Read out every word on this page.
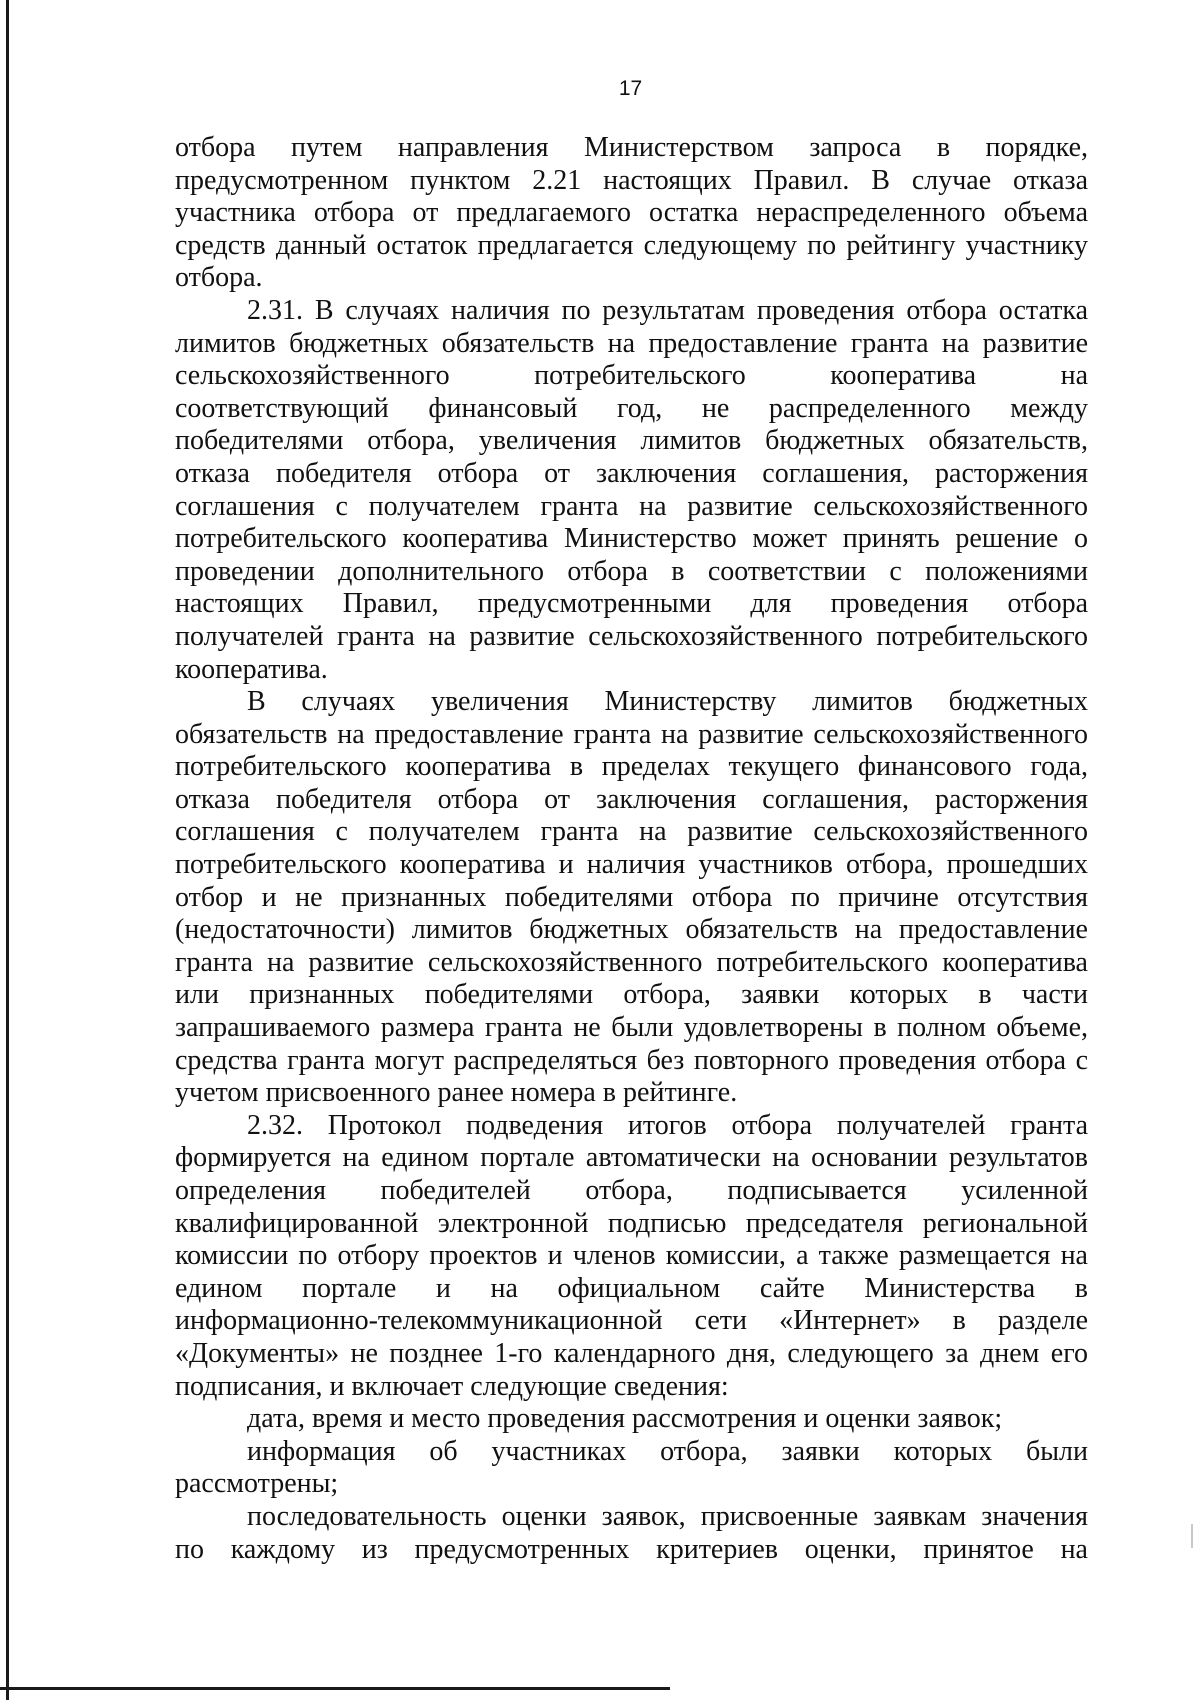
17
отбора путем направления Министерством запроса в порядке,
предусмотренном пунктом 2.21 настоящих Правил. В случае отказа
участника отбора от предлагаемого остатка нераспределенного объема
средств данный остаток предлагается следующему по рейтингу участнику
отбора.
2.31. В случаях наличия по результатам проведения отбора остатка
лимитов бюджетных обязательств на предоставление гранта на развитие
сельскохозяйственного потребительского кооператива на
соответствующий финансовый год, не распределенного между
победителями отбора, увеличения лимитов бюджетных обязательств,
отказа победителя отбора от заключения соглашения, расторжения
соглашения с получателем гранта на развитие сельскохозяйственного
потребительского кооператива Министерство может принять решение о
проведении дополнительного отбора в соответствии с положениями
настоящих Правил, предусмотренными для проведения отбора
получателей гранта на развитие сельскохозяйственного потребительского
кооператива.
В случаях увеличения Министерству лимитов бюджетных
обязательств на предоставление гранта на развитие сельскохозяйственного
потребительского кооператива в пределах текущего финансового года,
отказа победителя отбора от заключения соглашения, расторжения
соглашения с получателем гранта на развитие сельскохозяйственного
потребительского кооператива и наличия участников отбора, прошедших
отбор и не признанных победителями отбора по причине отсутствия
(недостаточности) лимитов бюджетных обязательств на предоставление
гранта на развитие сельскохозяйственного потребительского кооператива
или признанных победителями отбора, заявки которых в части
запрашиваемого размера гранта не были удовлетворены в полном объеме,
средства гранта могут распределяться без повторного проведения отбора с
учетом присвоенного ранее номера в рейтинге.
2.32. Протокол подведения итогов отбора получателей гранта
формируется на едином портале автоматически на основании результатов
определения победителей отбора, подписывается усиленной
квалифицированной электронной подписью председателя региональной
комиссии по отбору проектов и членов комиссии, а также размещается на
едином портале и на официальном сайте Министерства в
информационно-телекоммуникационной сети «Интернет» в разделе
«Документы» не позднее 1-го календарного дня, следующего за днем его
подписания, и включает следующие сведения:
дата, время и место проведения рассмотрения и оценки заявок;
информация об участниках отбора, заявки которых были
рассмотрены;
последовательность оценки заявок, присвоенные заявкам значения
по каждому из предусмотренных критериев оценки, принятое на
